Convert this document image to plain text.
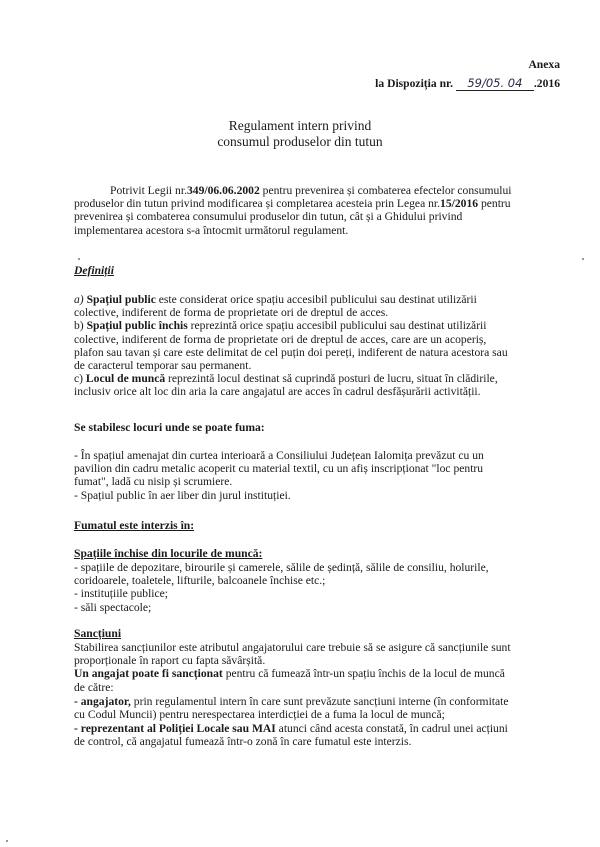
Anexa
la Dispoziția nr. 59/05. 04 .2016
Regulament intern privind
consumul produselor din tutun
Potrivit Legii nr.349/06.06.2002 pentru prevenirea și combaterea efectelor consumului
produselor din tutun privind modificarea și completarea acesteia prin Legea nr.15/2016 pentru
prevenirea și combaterea consumului produselor din tutun, cât și a Ghidului privind
implementarea acestora s-a întocmit următorul regulament.
Definiții
a) Spațiul public este considerat orice spațiu accesibil publicului sau destinat utilizării
colective, indiferent de forma de proprietate ori de dreptul de acces.
b) Spațiul public închis reprezintă orice spațiu accesibil publicului sau destinat utilizării
colective, indiferent de forma de proprietate ori de dreptul de acces, care are un acoperiș,
plafon sau tavan și care este delimitat de cel puțin doi pereți, indiferent de natura acestora sau
de caracterul temporar sau permanent.
c) Locul de muncă reprezintă locul destinat să cuprindă posturi de lucru, situat în clădirile,
inclusiv orice alt loc din aria la care angajatul are acces în cadrul desfășurării activității.
Se stabilesc locuri unde se poate fuma:
- În spațiul amenajat din curtea interioară a Consiliului Județean Ialomița prevăzut cu un
pavilion din cadru metalic acoperit cu material textil, cu un afiș inscripționat "loc pentru
fumat", ladă cu nisip și scrumiere.
- Spațiul public în aer liber din jurul instituției.
Fumatul este interzis în:
Spațiile închise din locurile de muncă:
- spațiile de depozitare, birourile și camerele, sălile de ședință, sălile de consiliu, holurile,
coridoarele, toaletele, lifturile, balcoanele închise etc.;
- instituțiile publice;
- săli spectacole;
Sancțiuni
Stabilirea sancțiunilor este atributul angajatorului care trebuie să se asigure că sancțiunile sunt
proporționale în raport cu fapta săvârșită.
Un angajat poate fi sancționat pentru că fumează într-un spațiu închis de la locul de muncă
de către:
- angajator, prin regulamentul intern în care sunt prevăzute sancțiuni interne (în conformitate
cu Codul Muncii) pentru nerespectarea interdicției de a fuma la locul de muncă;
- reprezentant al Poliției Locale sau MAI atunci când acesta constată, în cadrul unei acțiuni
de control, că angajatul fumează într-o zonă în care fumatul este interzis.
